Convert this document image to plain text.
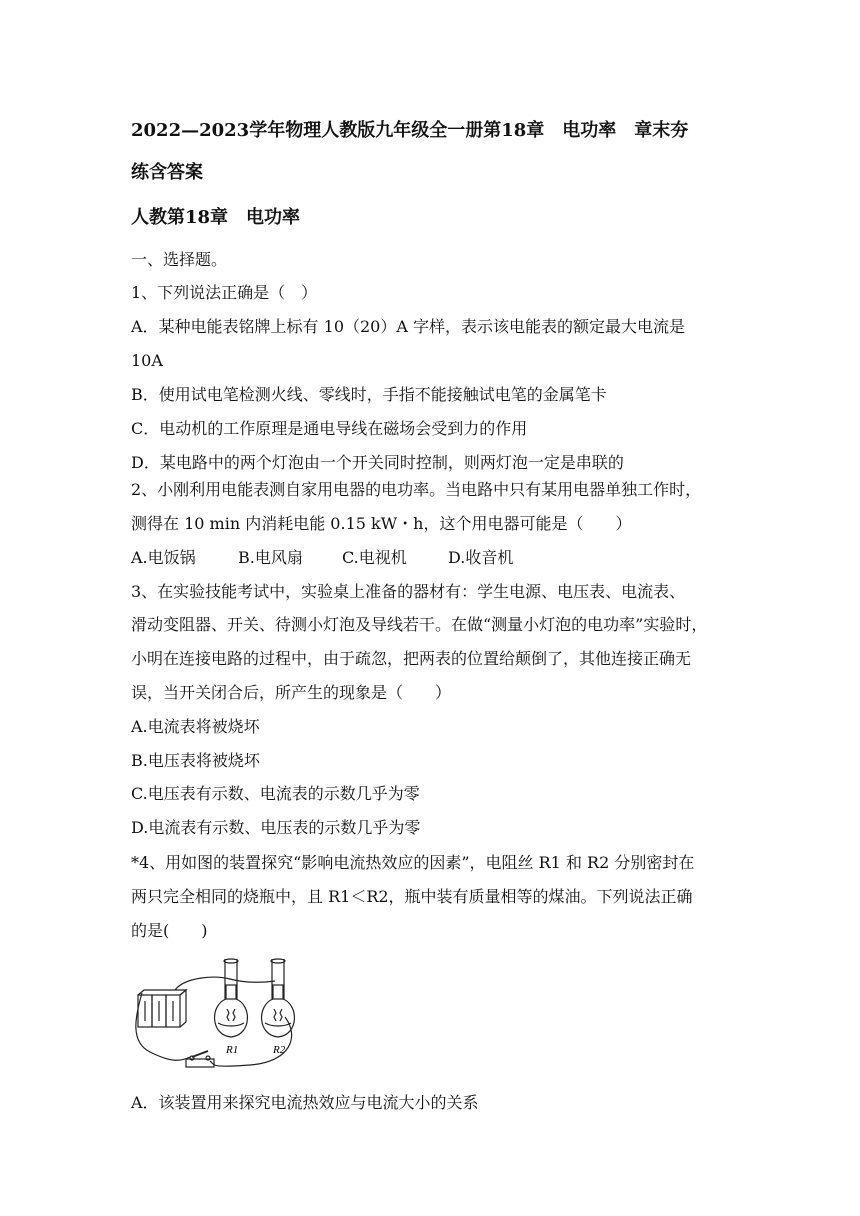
2022—2023学年物理人教版九年级全一册第18章　电功率　章末夯
练含答案
人教第18章　电功率
一、选择题。
1、下列说法正确是（　）
A．某种电能表铭牌上标有 10（20）A 字样，表示该电能表的额定最大电流是
10A
B．使用试电笔检测火线、零线时，手指不能接触试电笔的金属笔卡
C．电动机的工作原理是通电导线在磁场会受到力的作用
D．某电路中的两个灯泡由一个开关同时控制，则两灯泡一定是串联的
2、小刚利用电能表测自家用电器的电功率。当电路中只有某用电器单独工作时，
测得在 10 min 内消耗电能 0.15 kW・h，这个用电器可能是（　　）
A.电饭锅	B.电风扇 C.电视机	D.收音机
3、在实验技能考试中，实验桌上准备的器材有：学生电源、电压表、电流表、
滑动变阻器、开关、待测小灯泡及导线若干。在做“测量小灯泡的电功率”实验时，
小明在连接电路的过程中，由于疏忽，把两表的位置给颠倒了，其他连接正确无
误，当开关闭合后，所产生的现象是（　　）
A.电流表将被烧坏
B.电压表将被烧坏
C.电压表有示数、电流表的示数几乎为零
D.电流表有示数、电压表的示数几乎为零
*4、用如图的装置探究“影响电流热效应的因素”，电阻丝 R1 和 R2 分别密封在
两只完全相同的烧瓶中，且 R1＜R2，瓶中装有质量相等的煤油。下列说法正确
的是(　　)
R1	R2
A．该装置用来探究电流热效应与电流大小的关系
